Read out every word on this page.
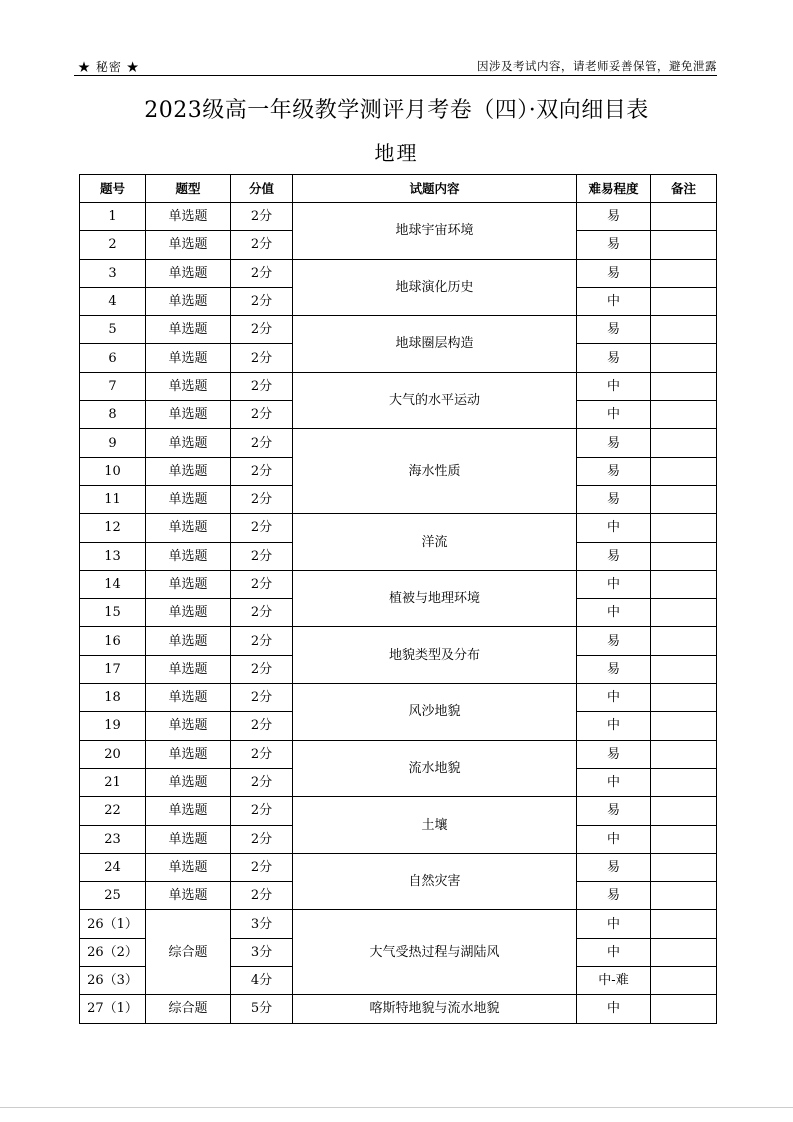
★ 秘密 ★	因涉及考试内容，请老师妥善保管，避免泄露
2023级高一年级教学测评月考卷（四）·双向细目表
地理
题号	题型	分值	试题内容	难易程度	备注
1	单选题	2分	地球宇宙环境	易	
2	单选题	2分		易	
3	单选题	2分	地球演化历史	易	
4	单选题	2分		中	
5	单选题	2分	地球圈层构造	易	
6	单选题	2分		易	
7	单选题	2分	大气的水平运动	中	
8	单选题	2分		中	
9	单选题	2分	海水性质	易	
10	单选题	2分		易	
11	单选题	2分		易	
12	单选题	2分	洋流	中	
13	单选题	2分		易	
14	单选题	2分	植被与地理环境	中	
15	单选题	2分		中	
16	单选题	2分	地貌类型及分布	易	
17	单选题	2分		易	
18	单选题	2分	风沙地貌	中	
19	单选题	2分		中	
20	单选题	2分	流水地貌	易	
21	单选题	2分		中	
22	单选题	2分	土壤	易	
23	单选题	2分		中	
24	单选题	2分	自然灾害	易	
25	单选题	2分		易	
26（1）	综合题	3分	大气受热过程与湖陆风	中	
26（2）		3分		中	
26（3）		4分		中-难	
27（1）	综合题	5分	喀斯特地貌与流水地貌	中	
